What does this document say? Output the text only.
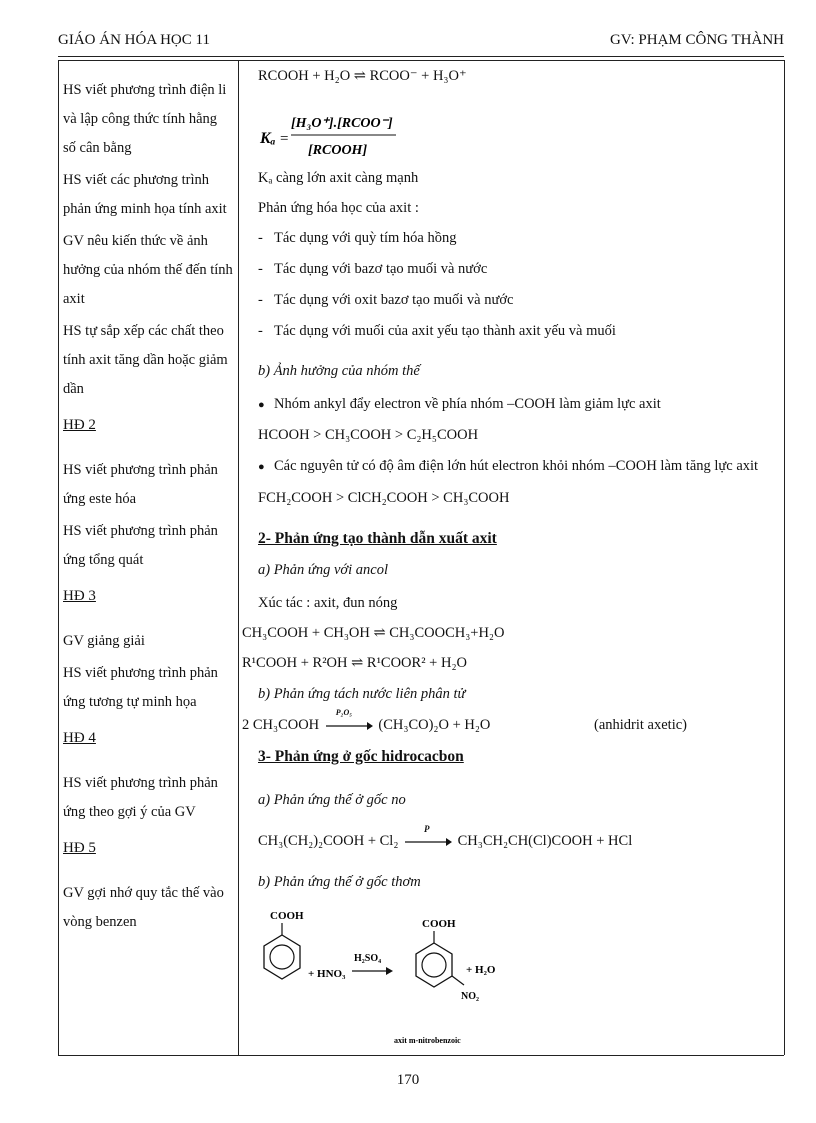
GIÁO ÁN HÓA HỌC 11	GV: PHẠM CÔNG THÀNH

HS viết phương trình điện li và lập công thức tính hằng số cân bằng

HS viết các phương trình phản ứng minh họa tính axit

GV nêu kiến thức về ảnh hưởng của nhóm thế đến tính axit

HS tự sắp xếp các chất theo tính axit tăng dần hoặc giảm dần

HĐ 2

HS viết phương trình phản ứng este hóa

HS viết phương trình phản ứng tổng quát

HĐ 3

GV giảng giải

HS viết phương trình phản ứng tương tự minh họa

HĐ 4

HS viết phương trình phản ứng theo gợi ý của GV

HĐ 5

GV gợi nhớ quy tắc thế vào vòng benzen

RCOOH + H₂O ⇌ RCOO⁻ + H₃O⁺
Kₐ =
[H₃O⁺].[RCOO⁻]
[RCOOH]
Kₐ càng lớn axit càng mạnh
Phản ứng hóa học của axit :
- Tác dụng với quỳ tím hóa hồng
- Tác dụng với bazơ tạo muối và nước
- Tác dụng với oxit bazơ tạo muối và nước
- Tác dụng với muối của axit yếu tạo thành axit yếu và muối
b) Ảnh hưởng của nhóm thế
● Nhóm ankyl đẩy electron về phía nhóm –COOH làm giảm lực axit
HCOOH > CH₃COOH > C₂H₅COOH
● Các nguyên tử có độ âm điện lớn hút electron khỏi nhóm –COOH làm tăng lực axit
FCH₂COOH > ClCH₂COOH > CH₃COOH
2- Phản ứng tạo thành dẫn xuất axit
a) Phản ứng với ancol
Xúc tác : axit, đun nóng
CH₃COOH + CH₃OH ⇌ CH₃COOCH₃+H₂O
R¹COOH + R²OH ⇌ R¹COOR² + H₂O
b) Phản ứng tách nước liên phân tử
2 CH₃COOH
P₂O₅
(CH₃CO)₂O + H₂O	(anhidrit axetic)
3- Phản ứng ở gốc hidrocacbon
a) Phản ứng thế ở gốc no
CH₃(CH₂)₂COOH + Cl₂
P
CH₃CH₂CH(Cl)COOH + HCl
b) Phản ứng thế ở gốc thơm
COOH
+ HNO₃
H₂SO₄
COOH
NO₂
+ H₂O
axit m-nitrobenzoic
170
